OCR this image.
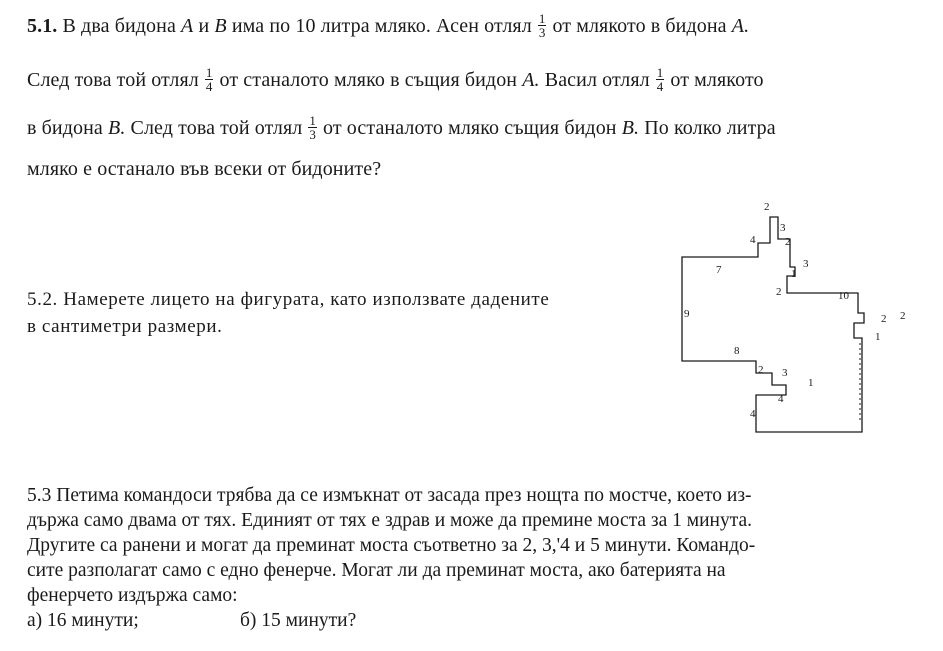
5.1. В два бидона A и B има по 10 литра мляко. Асен отлял $\frac{1}{3}$ от млякото в бидона A.
След това той отлял $\frac{1}{4}$ от станалото мляко в същия бидон A. Васил отлял $\frac{1}{4}$ от млякото
в бидона B. След това той отлял $\frac{1}{3}$ от останалото мляко същия бидон B. По колко литра
мляко е останало във всеки от бидоните?
5.2. Намерете лицето на фигурата, като използвате дадените
в сантиметри размери.
2
4
3
2
3
1
7
2	10
9	2 2
1
8
2 3
1
4
4
5.3 Петима командоси трябва да се измъкнат от засада през нощта по мостче, което из-
държа само двама от тях. Единият от тях е здрав и може да премине моста за 1 минута.
Другите са ранени и могат да преминат моста съответно за 2, 3,'4 и 5 минути. Командо-
сите разполагат само с едно фенерче. Могат ли да преминат моста, ако батерията на
фенерчето издържа само:
а) 16 минути;	б) 15 минути?
